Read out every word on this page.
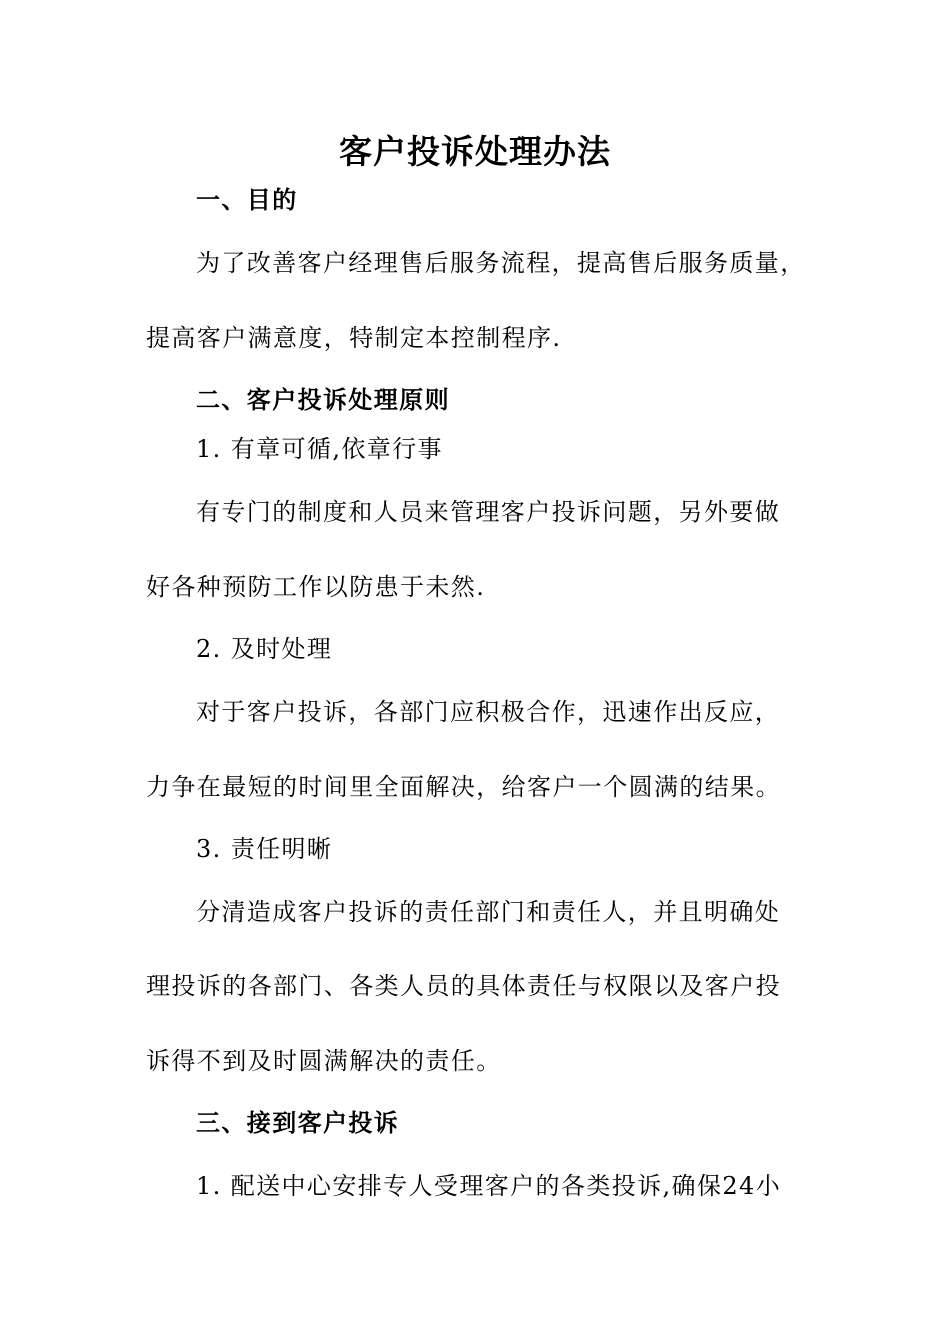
客户投诉处理办法
一、目的
为了改善客户经理售后服务流程，提高售后服务质量，
提高客户满意度，特制定本控制程序.
二、客户投诉处理原则
1. 有章可循,依章行事
有专门的制度和人员来管理客户投诉问题，另外要做
好各种预防工作以防患于未然.
2. 及时处理
对于客户投诉，各部门应积极合作，迅速作出反应，
力争在最短的时间里全面解决，给客户一个圆满的结果。
3. 责任明晰
分清造成客户投诉的责任部门和责任人，并且明确处
理投诉的各部门、各类人员的具体责任与权限以及客户投
诉得不到及时圆满解决的责任。
三、接到客户投诉
1. 配送中心安排专人受理客户的各类投诉,确保24小
